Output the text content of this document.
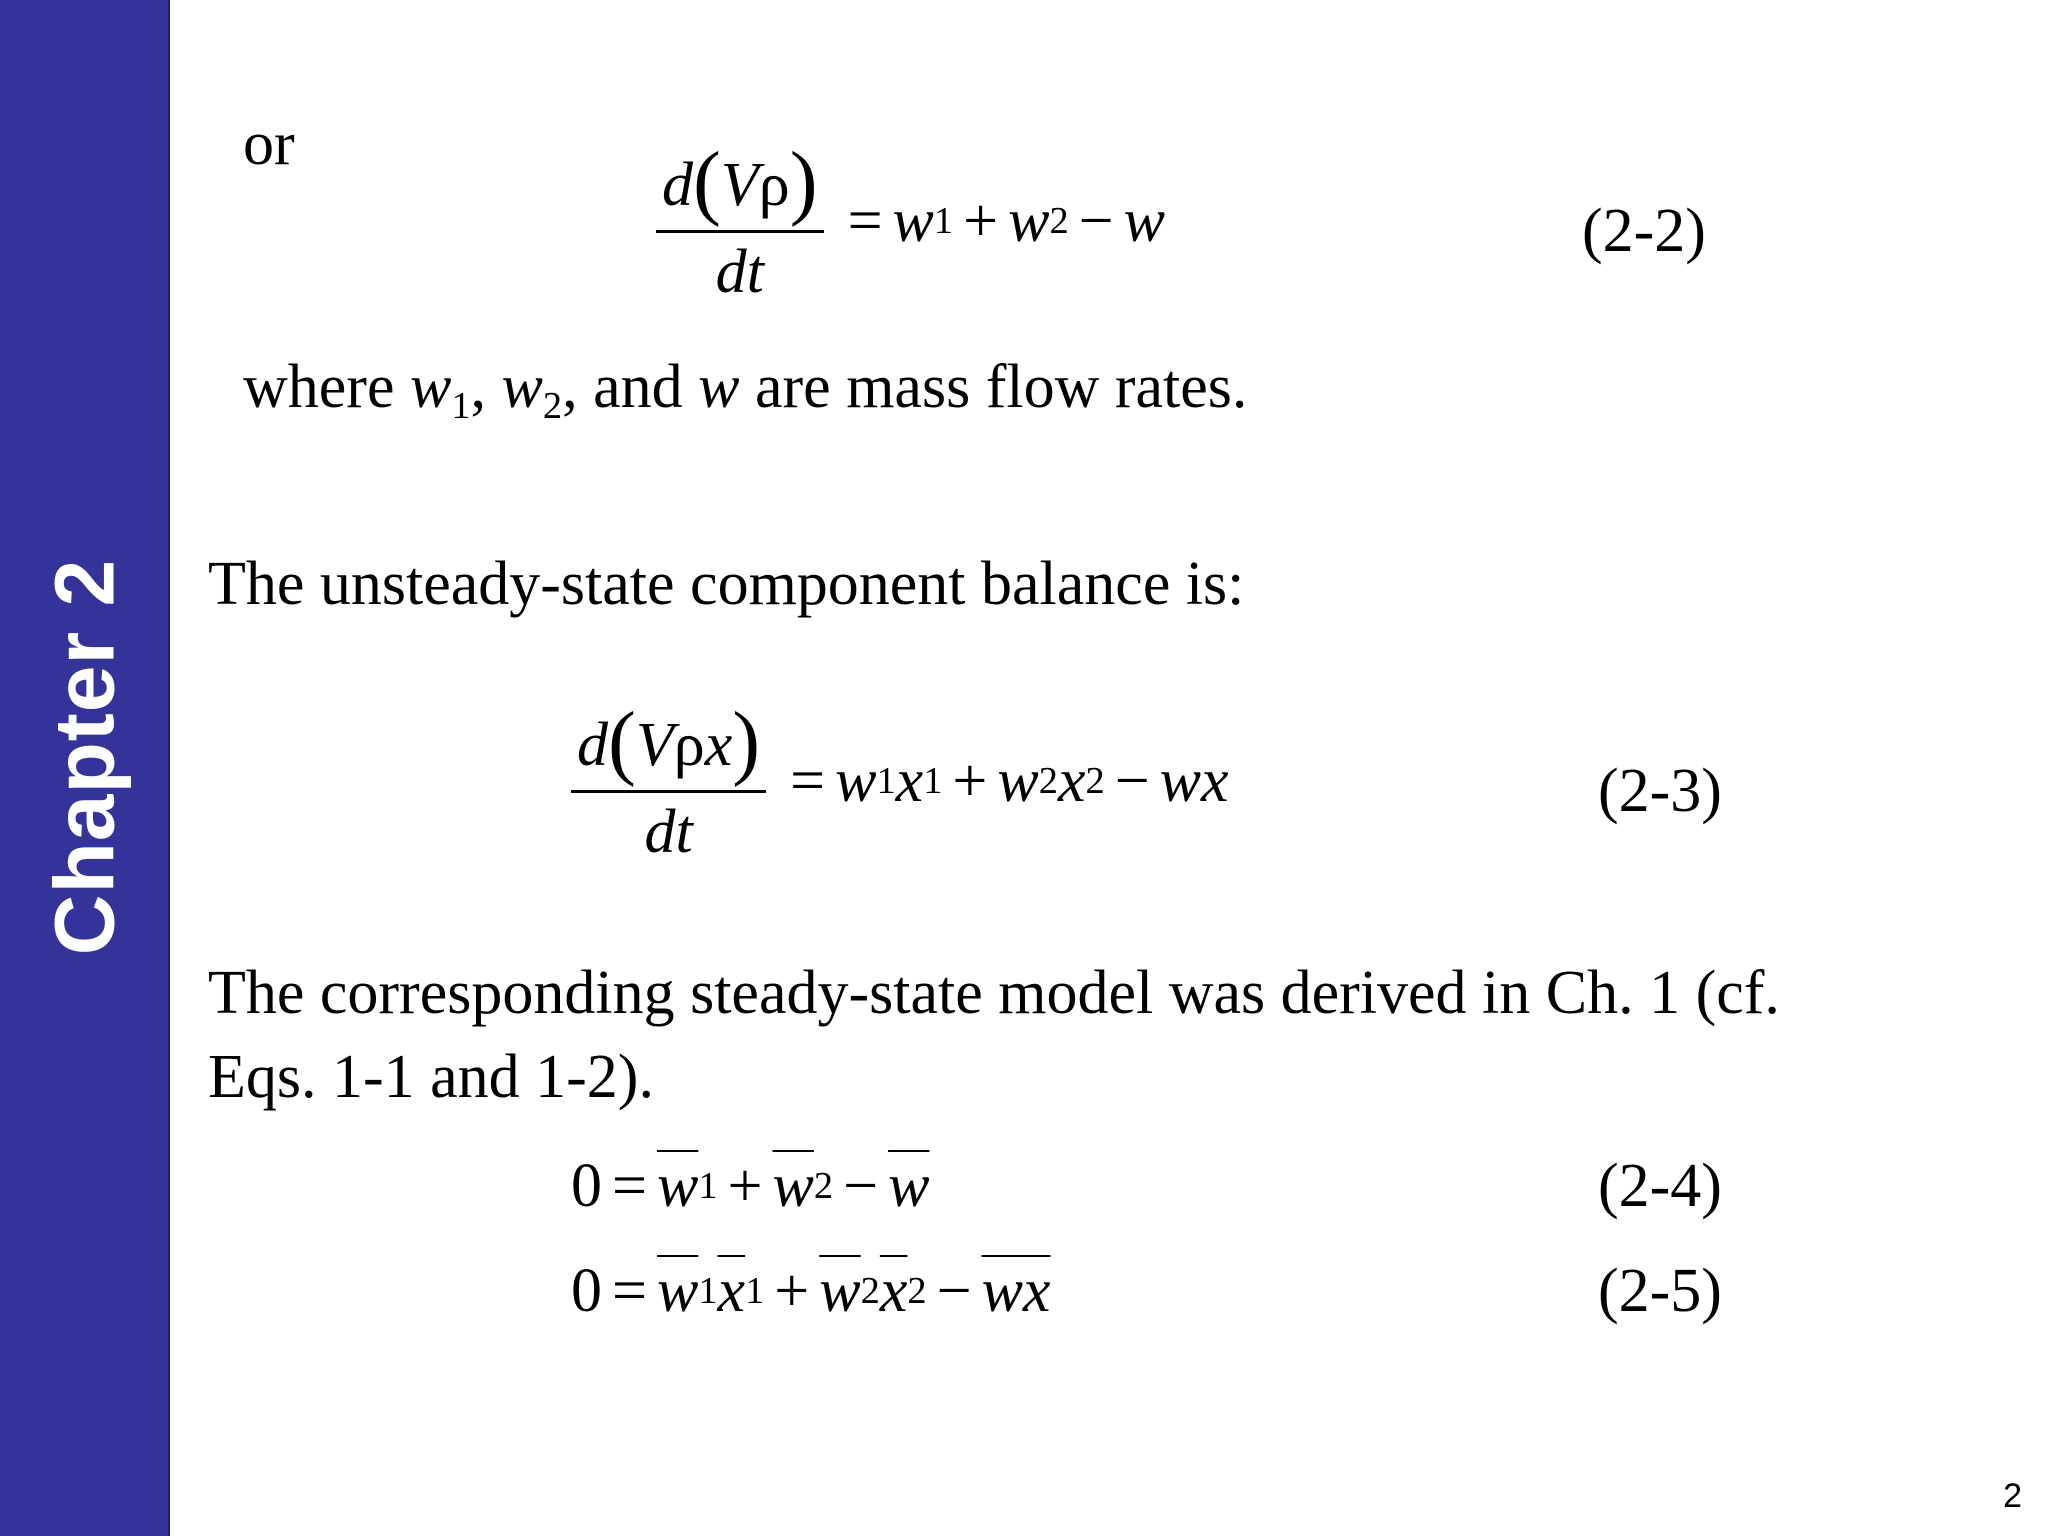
Chapter 2
or	$\frac{d(V\rho)}{dt} = w$ 1 + w 2 − w	(2-2)
where $w_1$, $w_2$, and w are mass flow rates.
The unsteady-state component balance is:
$\frac{\text{d(Vρx)}}{dt} = w$ 1 x 1 + w 2 x 2 − wx	(2-3)
The corresponding steady-state model was derived in Ch. 1 (cf.
Eqs. 1-1 and 1-2).
$0 = \overline{w}$ $1 + \overline{w}$ $2 - \overline{w}$	(2-4)
$0 = \overline{w}$ 1 $\overline{x}$ $1 + \overline{w}$ 2 $\overline{x}$ $2 - \overline{w}$ $\overline{x}$	(2-5)
2
